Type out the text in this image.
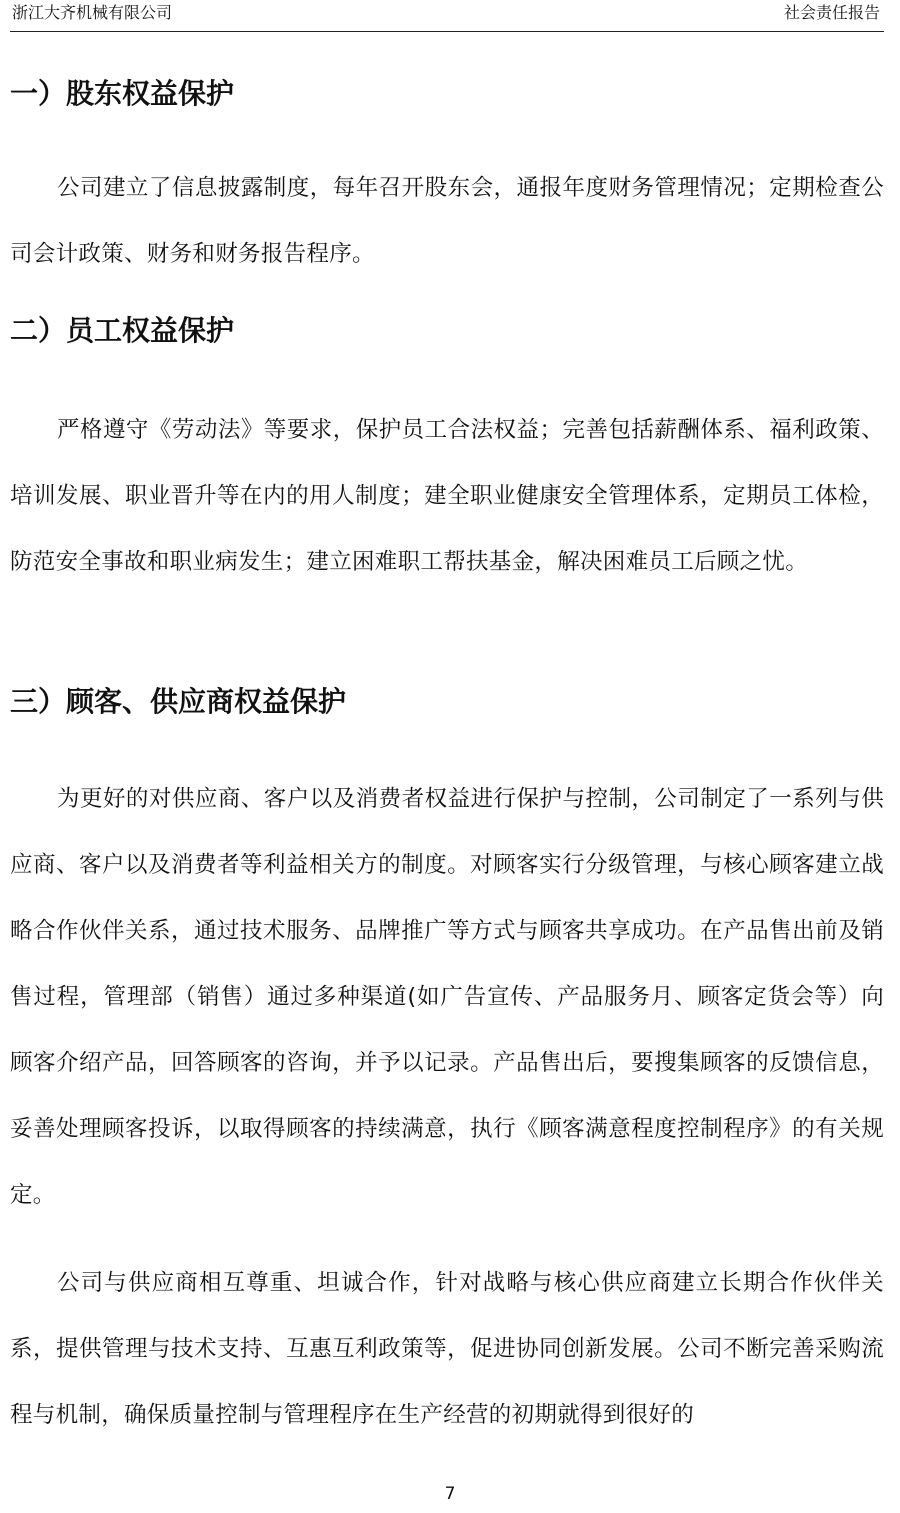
浙江大齐机械有限公司	社会责任报告
一）股东权益保护

公司建立了信息披露制度，每年召开股东会，通报年度财务管理情况；定期检查公司会计政策、财务和财务报告程序。

二）员工权益保护

严格遵守《劳动法》等要求，保护员工合法权益；完善包括薪酬体系、福利政策、培训发展、职业晋升等在内的用人制度；建全职业健康安全管理体系，定期员工体检，防范安全事故和职业病发生；建立困难职工帮扶基金，解决困难员工后顾之忧。

三）顾客、供应商权益保护

为更好的对供应商、客户以及消费者权益进行保护与控制，公司制定了一系列与供应商、客户以及消费者等利益相关方的制度。对顾客实行分级管理，与核心顾客建立战略合作伙伴关系，通过技术服务、品牌推广等方式与顾客共享成功。在产品售出前及销售过程，管理部（销售）通过多种渠道(如广告宣传、产品服务月、顾客定货会等）向顾客介绍产品，回答顾客的咨询，并予以记录。产品售出后，要搜集顾客的反馈信息，妥善处理顾客投诉，以取得顾客的持续满意，执行《顾客满意程度控制程序》的有关规定。

公司与供应商相互尊重、坦诚合作，针对战略与核心供应商建立长期合作伙伴关系，提供管理与技术支持、互惠互利政策等，促进协同创新发展。公司不断完善采购流程与机制，确保质量控制与管理程序在生产经营的初期就得到很好的

7
